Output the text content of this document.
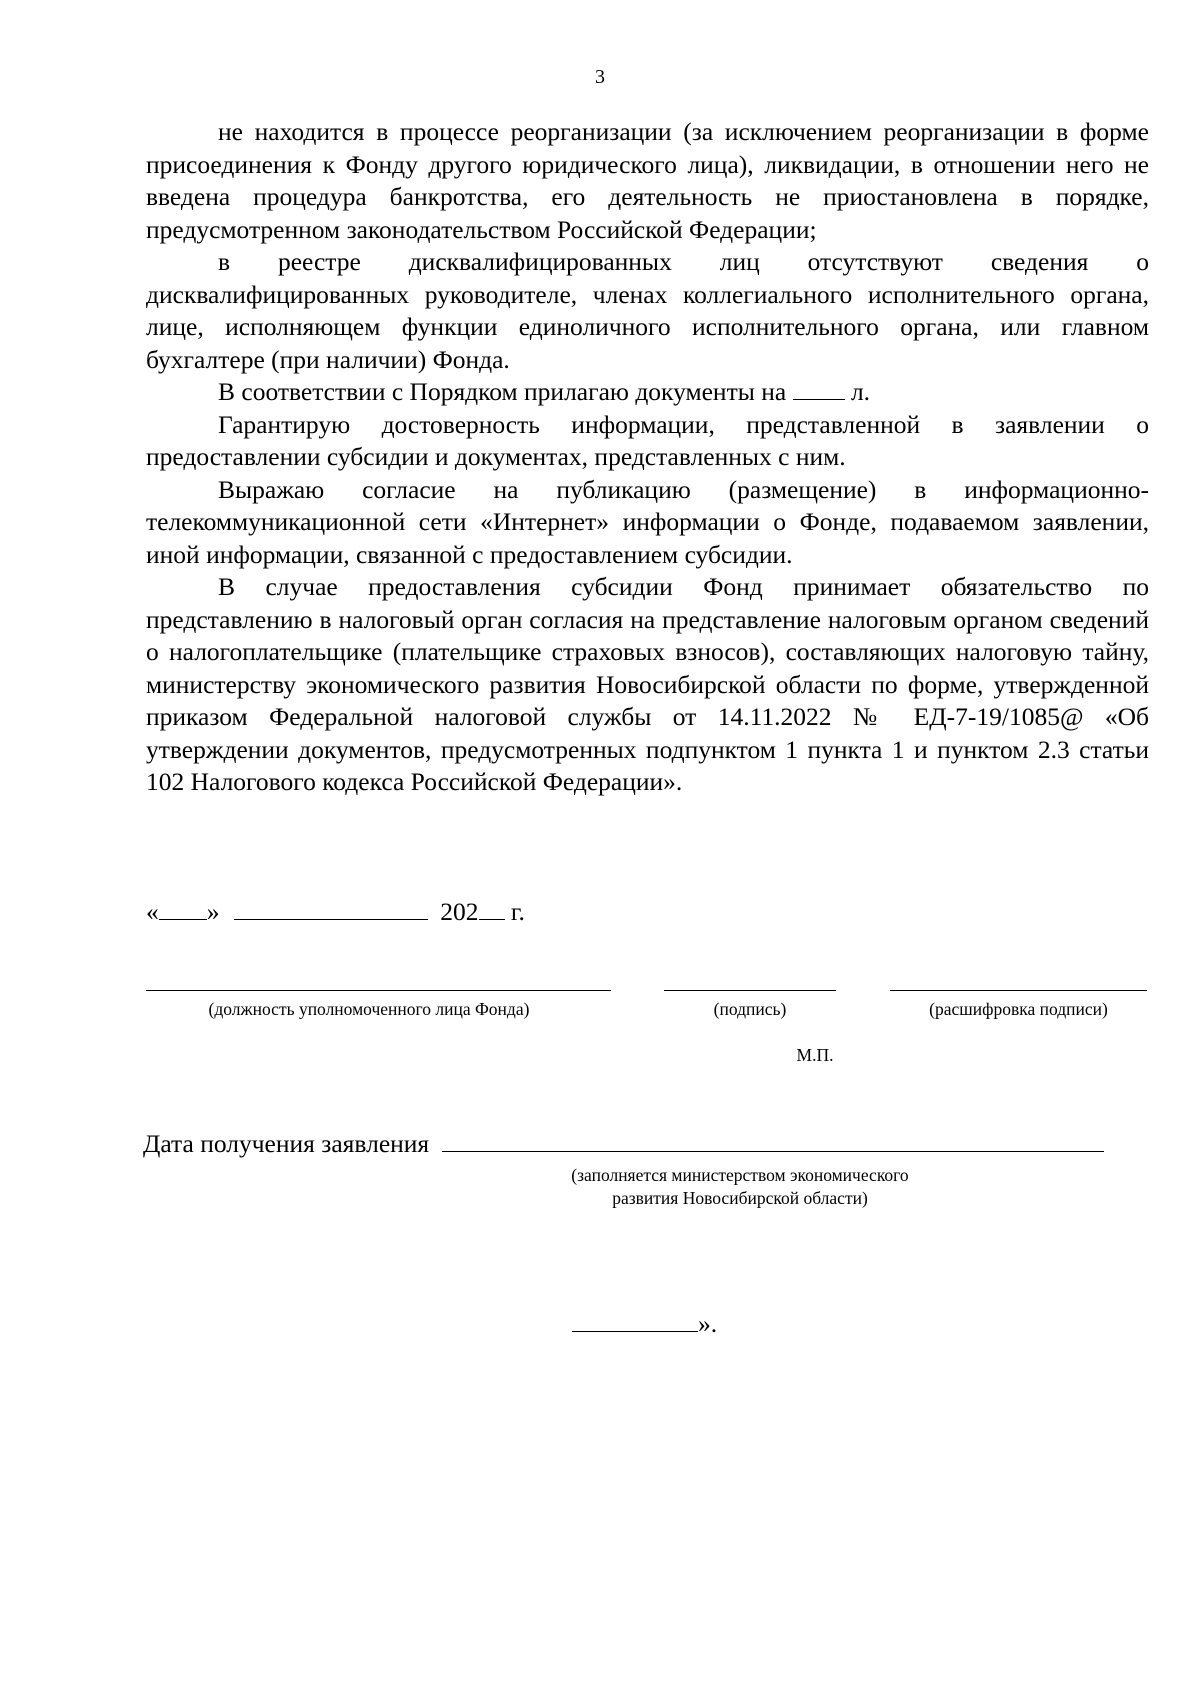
3

не находится в процессе реорганизации (за исключением реорганизации в форме присоединения к Фонду другого юридического лица), ликвидации, в отношении него не введена процедура банкротства, его деятельность не приостановлена в порядке, предусмотренном законодательством Российской Федерации;

в реестре дисквалифицированных лиц отсутствуют сведения о дисквалифицированных руководителе, членах коллегиального исполнительного органа, лице, исполняющем функции единоличного исполнительного органа, или главном бухгалтере (при наличии) Фонда.

В соответствии с Порядком прилагаю документы на	л.

Гарантирую достоверность информации, представленной в заявлении о предоставлении субсидии и документах, представленных с ним.

Выражаю согласие на публикацию (размещение) в информационно-телекоммуникационной сети «Интернет» информации о Фонде, подаваемом заявлении, иной информации, связанной с предоставлением субсидии.

В случае предоставления субсидии Фонд принимает обязательство по представлению в налоговый орган согласия на представление налоговым органом сведений о налогоплательщике (плательщике страховых взносов), составляющих налоговую тайну, министерству экономического развития Новосибирской области по форме, утвержденной приказом Федеральной налоговой службы от 14.11.2022 № ЕД-7-19/1085@ «Об утверждении документов, предусмотренных подпунктом 1 пункта 1 и пунктом 2.3 статьи 102 Налогового кодекса Российской Федерации».

« »	202 г.
(должность уполномоченного лица Фонда)	(подпись)	(расшифровка подписи)
М.П.
Дата получения заявления
(заполняется министерством экономического развития Новосибирской области)
».
